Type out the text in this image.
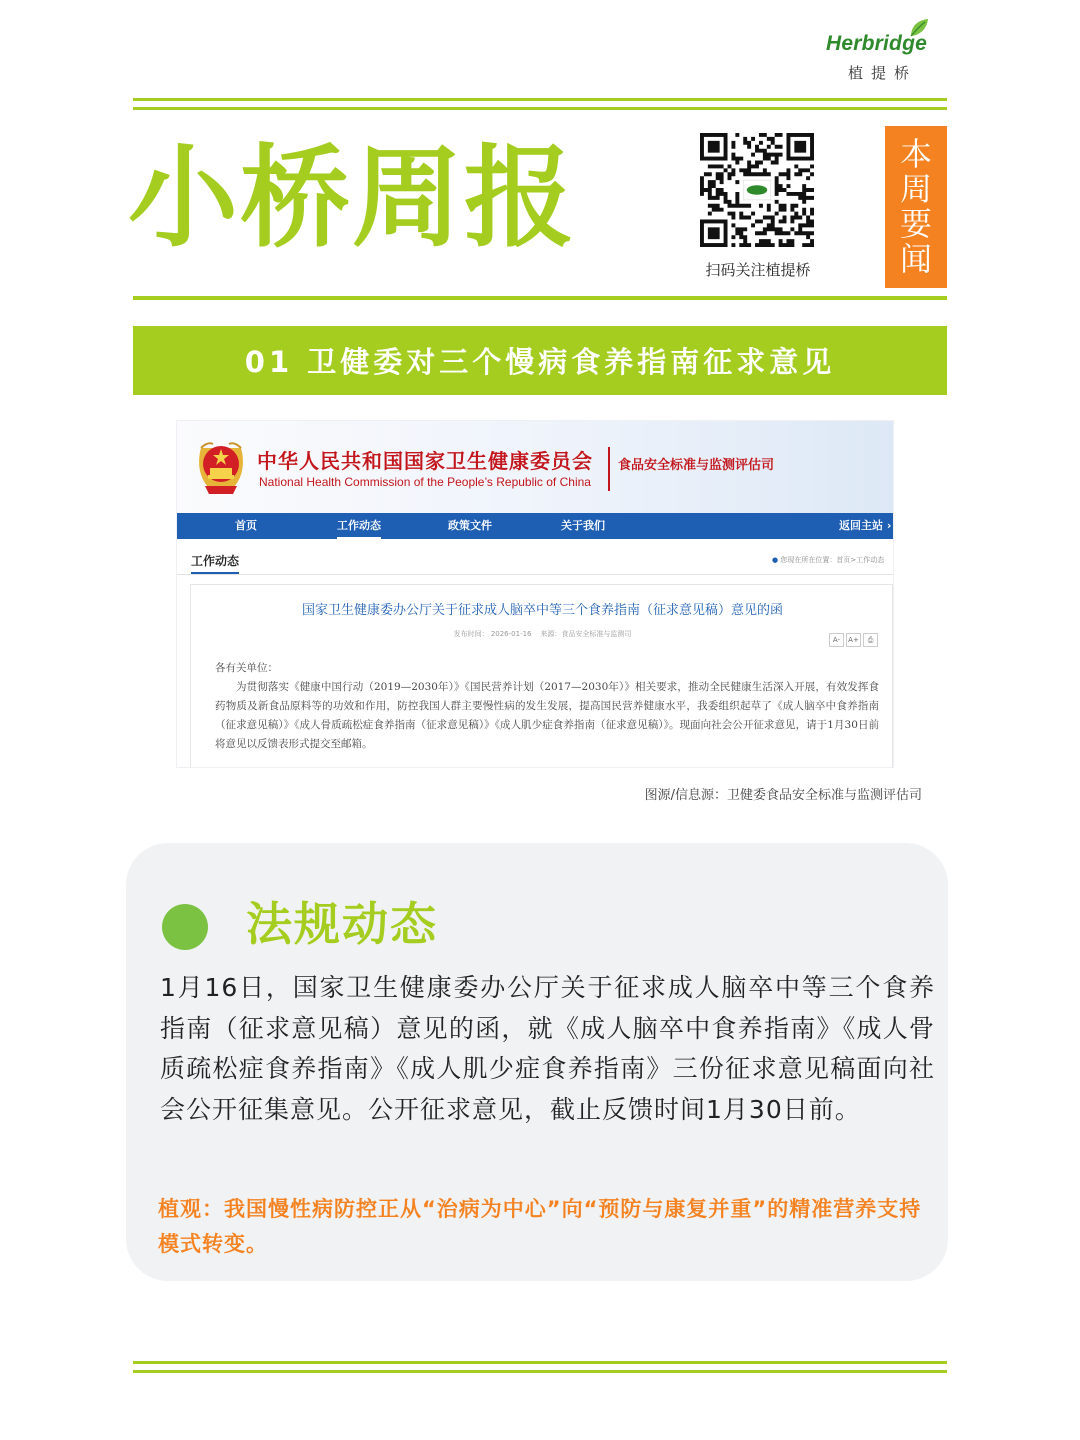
Herbridge
植提桥
小桥周报
扫码关注植提桥
本
周
要
闻
01 卫健委对三个慢病食养指南征求意见
中华人民共和国国家卫生健康委员会
National Health Commission of the People’s Republic of China
食品安全标准与监测评估司
首页	工作动态	政策文件	关于我们	返回主站 ›
工作动态	● 您现在所在位置：首页>工作动态
国家卫生健康委办公厅关于征求成人脑卒中等三个食养指南（征求意见稿）意见的函
发布时间： 2026-01-16 来源：食品安全标准与监测司
A- A+ ⎙

各有关单位：

为贯彻落实《健康中国行动（2019—2030年）》《国民营养计划（2017—2030年）》相关要求，推动全民健康生活深入开展，有效发挥食药物质及新食品原料等的功效和作用，防控我国人群主要慢性病的发生发展，提高国民营养健康水平，我委组织起草了《成人脑卒中食养指南（征求意见稿）》《成人骨质疏松症食养指南（征求意见稿）》《成人肌少症食养指南（征求意见稿）》。现面向社会公开征求意见，请于1月30日前将意见以反馈表形式提交至邮箱。

图源/信息源：卫健委食品安全标准与监测评估司
法规动态
1月16日，国家卫生健康委办公厅关于征求成人脑卒中等三个食养指南（征求意见稿）意见的函，就《成人脑卒中食养指南》《成人骨质疏松症食养指南》《成人肌少症食养指南》三份征求意见稿面向社会公开征集意见。公开征求意见，截止反馈时间1月30日前。
植观：我国慢性病防控正从“治病为中心”向“预防与康复并重”的精准营养支持模式转变。
